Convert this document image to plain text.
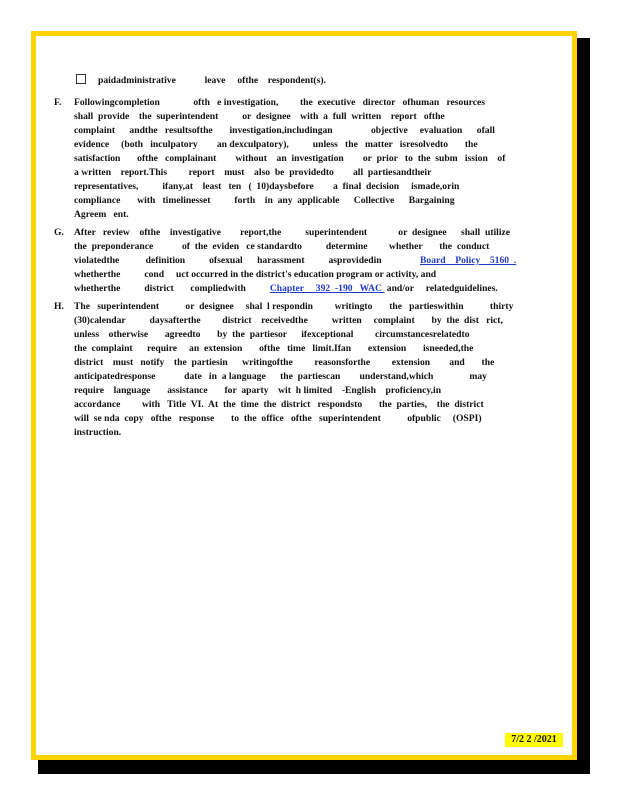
paidadministrative            leave     ofthe    respondent(s).
F.	Followingcompletion              ofth   e investigation,         the  executive   director   ofhuman   resources

shall  provide    the  superintendent          or  designee    with  a  full  written    report   ofthe

complaint      andthe   resultsofthe       investigation,includingan                objective     evaluation      ofall

evidence     (both   inculpatory        an dexculpatory),          unless   the   matter   isresolvedto       the

satisfaction       ofthe   complainant        without    an  investigation        or  prior   to  the  subm   ission    of

a written    report.This         report    must    also  be  providedto        all  partiesandtheir

representatives,          ifany,at    least   ten   (  10)daysbefore        a  final  decision     ismade,orin

compliance       with   timelinesset          forth    in  any  applicable      Collective      Bargaining

Agreem   ent.

G.	After   review    ofthe    investigative        report,the          superintendent             or  designee      shall  utilize

the  preponderance            of  the  eviden   ce standardto          determine         whether       the  conduct

violatedthe           definition          ofsexual      harassment          asprovidedin	Board    Policy    5160  .

whetherthe          cond     uct occurred in the district's education program or activity, and

whetherthe          district       compliedwith Chapter     392  -190   WAC  and/or     relatedguidelines.

H.	The   superintendent           or  designee     shal  l respondin         writingto       the   partieswithin           thirty

(30)calendar          daysafterthe         district    receivedthe          written     complaint       by  the  dist   rict,

unless    otherwise       agreedto       by  the  partiesor      ifexceptional         circumstancesrelatedto

the  complaint      require     an  extension       ofthe   time   limit.Ifan       extension       isneeded,the

district    must   notify    the  partiesin      writingofthe         reasonsforthe         extension        and       the

anticipatedresponse            date   in  a language      the  partiescan        understand,which               may

require    language       assistance       for  aparty    wit  h limited    -English    proficiency,in

accordance         with   Title  VI.  At  the  time  the  district   respondsto       the  parties,    the  district

will  se nda  copy   ofthe   response       to  the  office   ofthe   superintendent           ofpublic     (OSPI)

instruction.

7/2 2 /2021
